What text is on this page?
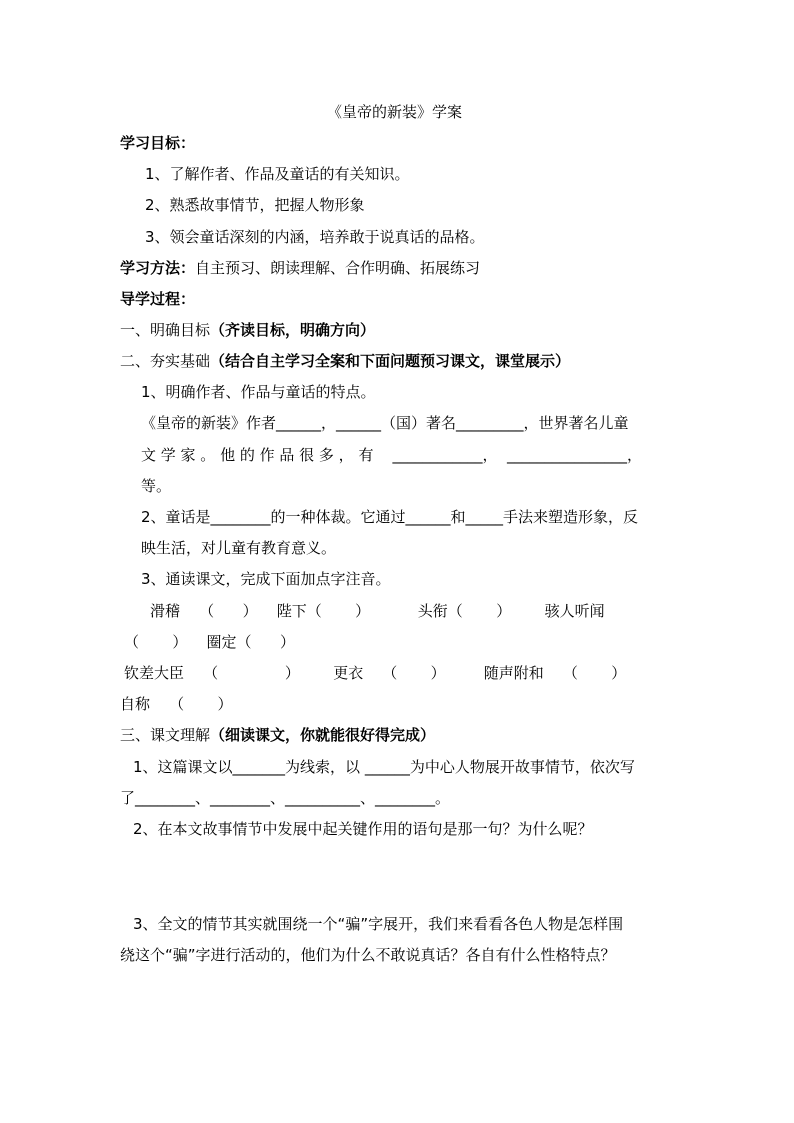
《皇帝的新装》学案
学习目标：
1、了解作者、作品及童话的有关知识。
2、熟悉故事情节，把握人物形象
3、领会童话深刻的内涵，培养敢于说真话的品格。
学习方法：自主预习、朗读理解、合作明确、拓展练习
导学过程：
一、明确目标（齐读目标，明确方向）
二、夯实基础（结合自主学习全案和下面问题预习课文，课堂展示）
1、明确作者、作品与童话的特点。
《皇帝的新装》作者______，______（国）著名_________，世界著名儿童
文 学 家 。 他 的 作 品 很 多 ， 有    ____________，  ________________，
等。
2、童话是________的一种体裁。它通过______和_____手法来塑造形象，反
映生活，对儿童有教育意义。
3、通读课文，完成下面加点字注音。
滑稽    （      ）    陛下（       ）          头衔（       ）       骇人听闻
（       ）    圈定（      ）
钦差大臣    （              ）       更衣    （       ）        随声附和    （       ）
自称    （       ）
三、课文理解（细读课文，你就能很好得完成）
1、这篇课文以_______为线索，以 ______为中心人物展开故事情节，依次写
了________、________、__________、________。
2、在本文故事情节中发展中起关键作用的语句是那一句？为什么呢？
3、全文的情节其实就围绕一个“骗”字展开，我们来看看各色人物是怎样围
绕这个“骗”字进行活动的，他们为什么不敢说真话？各自有什么性格特点？
